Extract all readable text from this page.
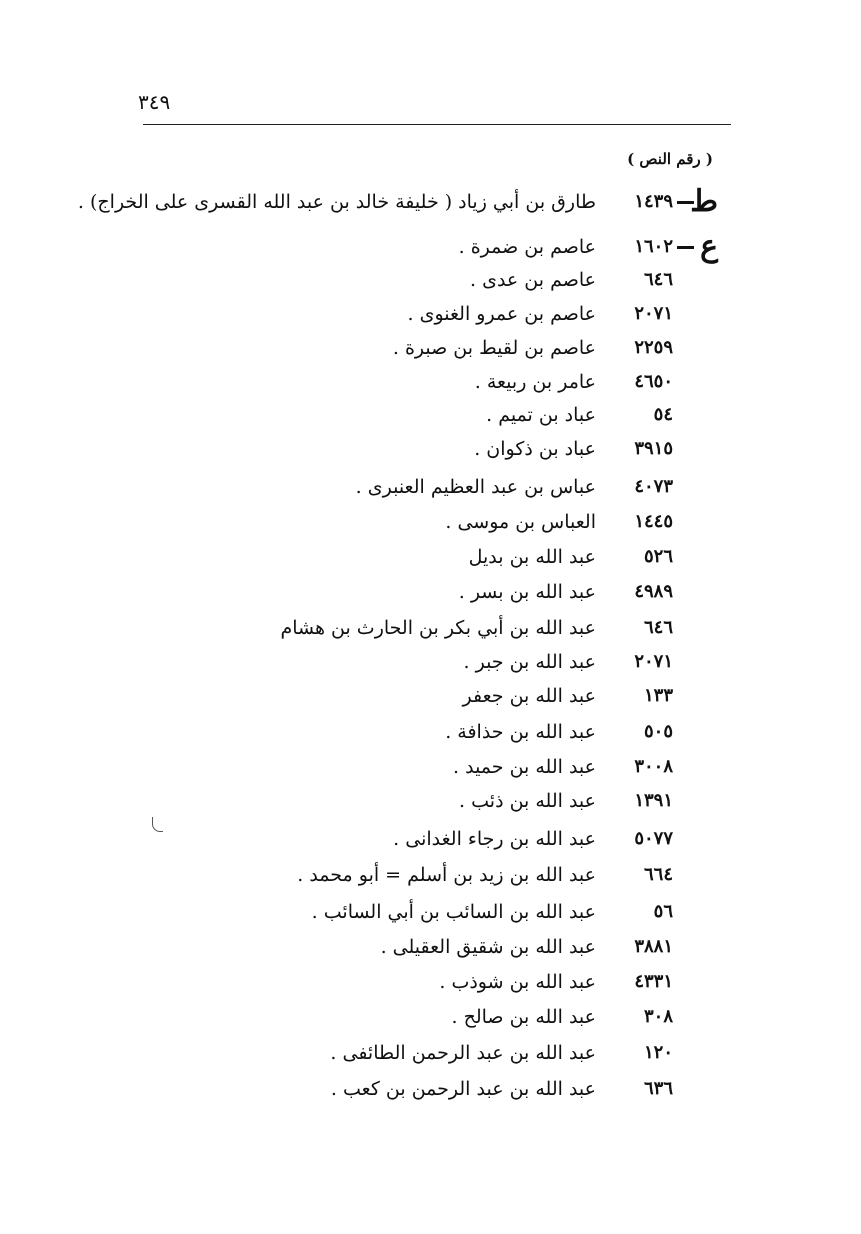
٣٤٩
( رقم النص )
ط
١٤٣٩
طارق بن أبي زياد ( خليفة خالد بن عبد الله القسرى على الخراج) .
ع
١٦٠٢
عاصم بن ضمرة .
٦٤٦
عاصم بن عدى .
٢٠٧١
عاصم بن عمرو الغنوى .
٢٢٥٩
عاصم بن لقيط بن صبرة .
٤٦٥٠
عامر بن ربيعة .
٥٤
عباد بن تميم .
٣٩١٥
عباد بن ذكوان .
٤٠٧٣
عباس بن عبد العظيم العنبرى .
١٤٤٥
العباس بن موسى .
٥٢٦
عبد الله بن بديل
٤٩٨٩
عبد الله بن بسر .
٦٤٦
عبد الله بن أبي بكر بن الحارث بن هشام
٢٠٧١
عبد الله بن جبر .
١٣٣
عبد الله بن جعفر
٥٠٥
عبد الله بن حذافة .
٣٠٠٨
عبد الله بن حميد .
١٣٩١
عبد الله بن ذئب .
٥٠٧٧
عبد الله بن رجاء الغدانى .
٦٦٤
عبد الله بن زيد بن أسلم = أبو محمد .
٥٦
عبد الله بن السائب بن أبي السائب .
٣٨٨١
عبد الله بن شقيق العقيلى .
٤٣٣١
عبد الله بن شوذب .
٣٠٨
عبد الله بن صالح .
١٢٠
عبد الله بن عبد الرحمن الطائفى .
٦٣٦
عبد الله بن عبد الرحمن بن كعب .
